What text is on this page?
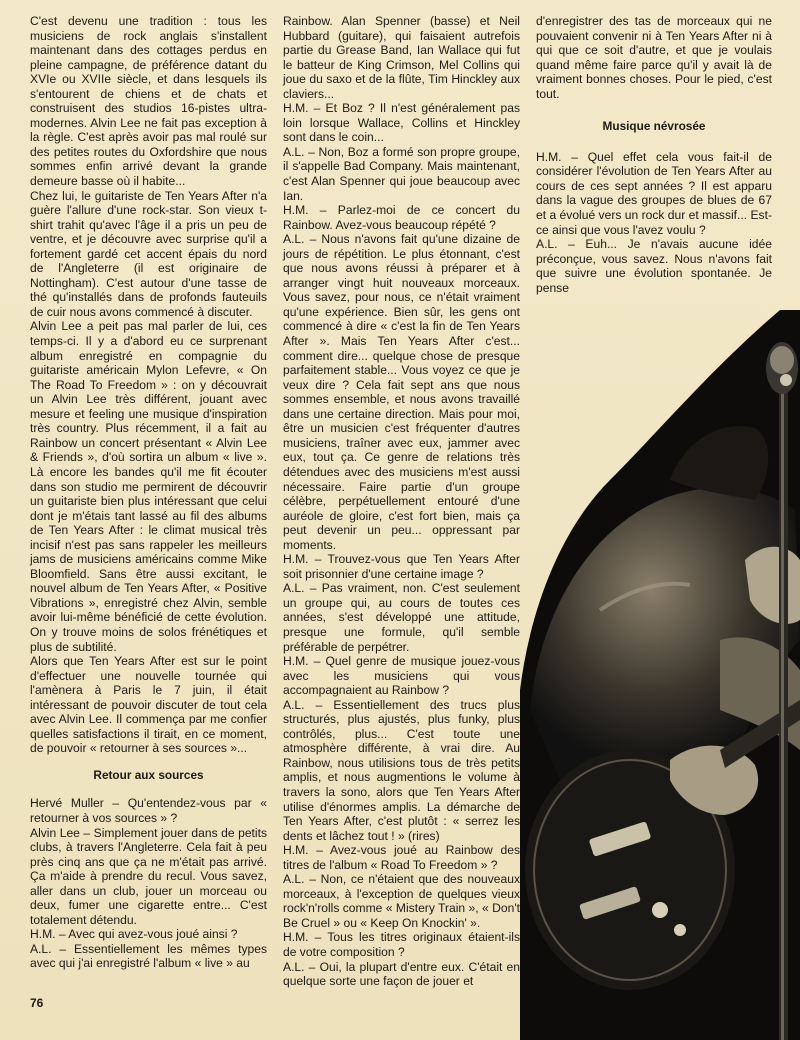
C'est devenu une tradition : tous les musiciens de rock anglais s'installent maintenant dans des cottages perdus en pleine campagne, de préférence datant du XVIe ou XVIIe siècle, et dans lesquels ils s'entourent de chiens et de chats et construisent des studios 16-pistes ultra-modernes. Alvin Lee ne fait pas exception à la règle. C'est après avoir pas mal roulé sur des petites routes du Oxfordshire que nous sommes enfin arrivé devant la grande demeure basse où il habite...

Chez lui, le guitariste de Ten Years After n'a guère l'allure d'une rock-star. Son vieux t-shirt trahit qu'avec l'âge il a pris un peu de ventre, et je découvre avec surprise qu'il a fortement gardé cet accent épais du nord de l'Angleterre (il est originaire de Nottingham). C'est autour d'une tasse de thé qu'installés dans de profonds fauteuils de cuir nous avons commencé à discuter.

Alvin Lee a peit pas mal parler de lui, ces temps-ci. Il y a d'abord eu ce surprenant album enregistré en compagnie du guitariste américain Mylon Lefevre, « On The Road To Freedom » : on y découvrait un Alvin Lee très différent, jouant avec mesure et feeling une musique d'inspiration très country. Plus récemment, il a fait au Rainbow un concert présentant « Alvin Lee & Friends », d'où sortira un album « live ». Là encore les bandes qu'il me fit écouter dans son studio me permirent de découvrir un guitariste bien plus intéressant que celui dont je m'étais tant lassé au fil des albums de Ten Years After : le climat musical très incisif n'est pas sans rappeler les meilleurs jams de musiciens américains comme Mike Bloomfield. Sans être aussi excitant, le nouvel album de Ten Years After, « Positive Vibrations », enregistré chez Alvin, semble avoir lui-même bénéficié de cette évolution. On y trouve moins de solos frénétiques et plus de subtilité.

Alors que Ten Years After est sur le point d'effectuer une nouvelle tournée qui l'amènera à Paris le 7 juin, il était intéressant de pouvoir discuter de tout cela avec Alvin Lee. Il commença par me confier quelles satisfactions il tirait, en ce moment, de pouvoir « retourner à ses sources »...

Retour aux sources

Hervé Muller – Qu'entendez-vous par « retourner à vos sources » ?

Alvin Lee – Simplement jouer dans de petits clubs, à travers l'Angleterre. Cela fait à peu près cinq ans que ça ne m'était pas arrivé. Ça m'aide à prendre du recul. Vous savez, aller dans un club, jouer un morceau ou deux, fumer une cigarette entre... C'est totalement détendu.

H.M. – Avec qui avez-vous joué ainsi ?

A.L. – Essentiellement les mêmes types avec qui j'ai enregistré l'album « live » au

Rainbow. Alan Spenner (basse) et Neil Hubbard (guitare), qui faisaient autrefois partie du Grease Band, Ian Wallace qui fut le batteur de King Crimson, Mel Collins qui joue du saxo et de la flûte, Tim Hinckley aux claviers...

H.M. – Et Boz ? Il n'est généralement pas loin lorsque Wallace, Collins et Hinckley sont dans le coin...

A.L. – Non, Boz a formé son propre groupe, il s'appelle Bad Company. Mais maintenant, c'est Alan Spenner qui joue beaucoup avec Ian.

H.M. – Parlez-moi de ce concert du Rainbow. Avez-vous beaucoup répété ?

A.L. – Nous n'avons fait qu'une dizaine de jours de répétition. Le plus étonnant, c'est que nous avons réussi à préparer et à arranger vingt huit nouveaux morceaux. Vous savez, pour nous, ce n'était vraiment qu'une expérience. Bien sûr, les gens ont commencé à dire « c'est la fin de Ten Years After ». Mais Ten Years After c'est... comment dire... quelque chose de presque parfaitement stable... Vous voyez ce que je veux dire ? Cela fait sept ans que nous sommes ensemble, et nous avons travaillé dans une certaine direction. Mais pour moi, être un musicien c'est fréquenter d'autres musiciens, traîner avec eux, jammer avec eux, tout ça. Ce genre de relations très détendues avec des musiciens m'est aussi nécessaire. Faire partie d'un groupe célèbre, perpétuellement entouré d'une auréole de gloire, c'est fort bien, mais ça peut devenir un peu... oppressant par moments.

H.M. – Trouvez-vous que Ten Years After soit prisonnier d'une certaine image ?

A.L. – Pas vraiment, non. C'est seulement un groupe qui, au cours de toutes ces années, s'est développé une attitude, presque une formule, qu'il semble préférable de perpétrer.

H.M. – Quel genre de musique jouez-vous avec les musiciens qui vous accompagnaient au Rainbow ?

A.L. – Essentiellement des trucs plus structurés, plus ajustés, plus funky, plus contrôlés, plus... C'est toute une atmosphère différente, à vrai dire. Au Rainbow, nous utilisions tous de très petits amplis, et nous augmentions le volume à travers la sono, alors que Ten Years After utilise d'énormes amplis. La démarche de Ten Years After, c'est plutôt : « serrez les dents et lâchez tout ! » (rires)

H.M. – Avez-vous joué au Rainbow des titres de l'album « Road To Freedom » ?

A.L. – Non, ce n'étaient que des nouveaux morceaux, à l'exception de quelques vieux rock'n'rolls comme « Mistery Train », « Don't Be Cruel » ou « Keep On Knockin' ».

H.M. – Tous les titres originaux étaient-ils de votre composition ?

A.L. – Oui, la plupart d'entre eux. C'était en quelque sorte une façon de jouer et

d'enregistrer des tas de morceaux qui ne pouvaient convenir ni à Ten Years After ni à qui que ce soit d'autre, et que je voulais quand même faire parce qu'il y avait là de vraiment bonnes choses. Pour le pied, c'est tout.

Musique névrosée

H.M. – Quel effet cela vous fait-il de considérer l'évolution de Ten Years After au cours de ces sept années ? Il est apparu dans la vague des groupes de blues de 67 et a évolué vers un rock dur et massif... Est-ce ainsi que vous l'avez voulu ?

A.L. – Euh... Je n'avais aucune idée préconçue, vous savez. Nous n'avons fait que suivre une évolution spontanée. Je pense

76
